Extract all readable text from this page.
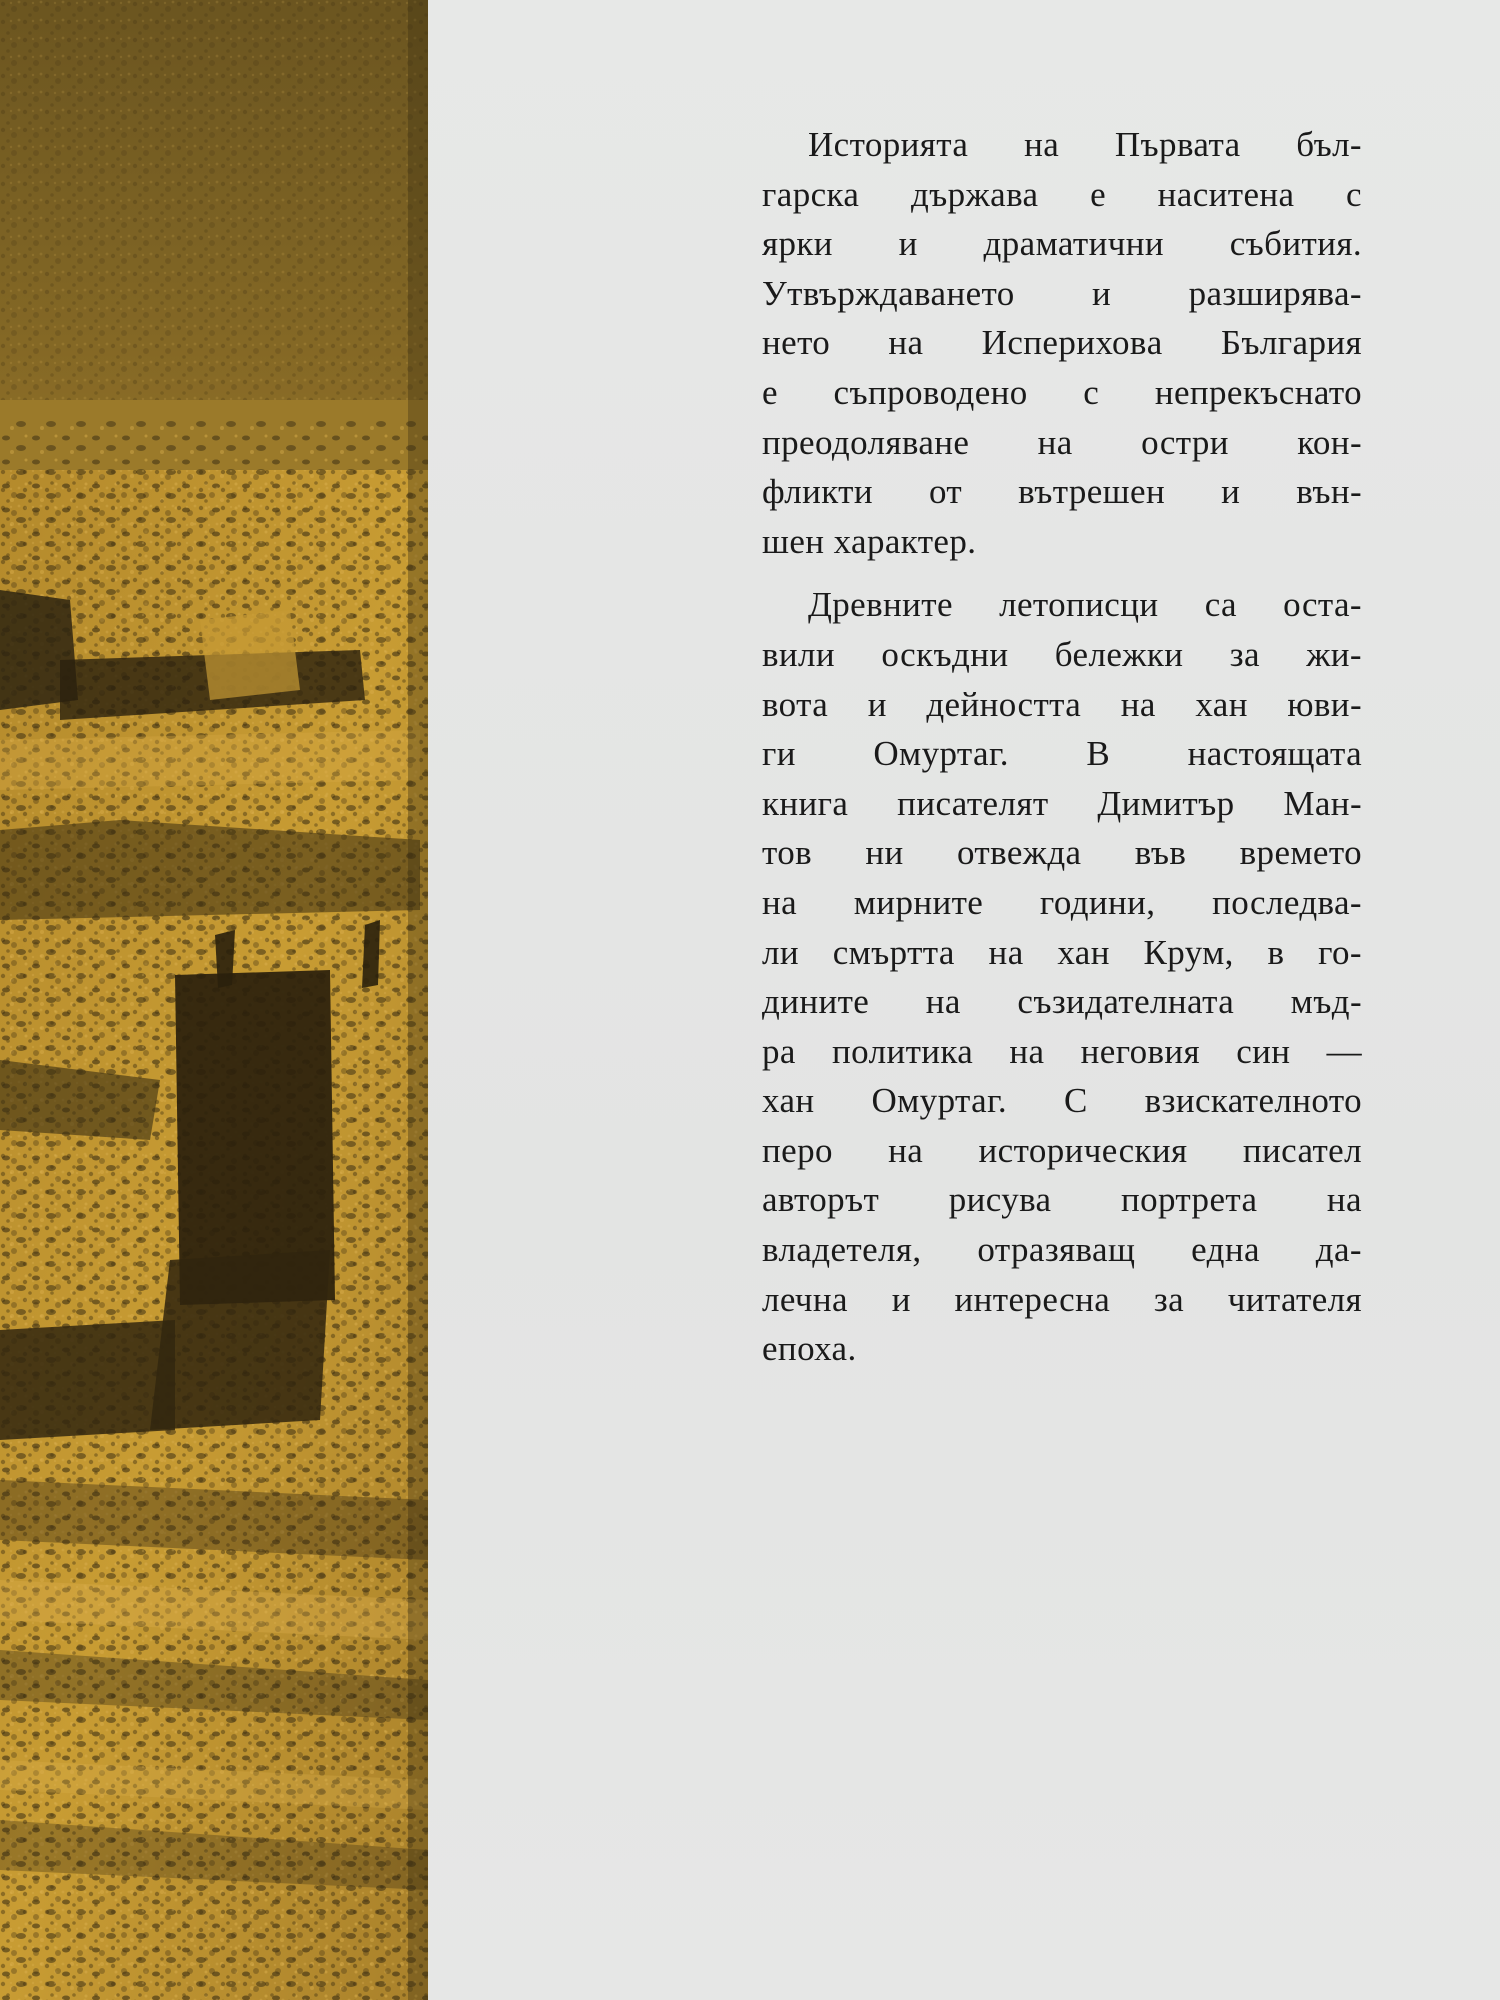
Историята на Първата бъл-
гарска държава е наситена с
ярки и драматични събития.
Утвърждаването и разширява-
нето на Испериховa България
е съпроводено с непрекъснато
преодоляване на остри кон-
фликти от вътрешен и вън-
шен характер.
Древните летописци са оста-
вили оскъдни бележки за жи-
вота и дейността на хан юви-
ги Омуртаг. В настоящата
книга писателят Димитър Ман-
тов ни отвежда във времето
на мирните години, последва-
ли смъртта на хан Крум, в го-
дините на съзидателната мъд-
ра политика на неговия син —
хан Омуртаг. С взискателното
перо на историческия писател
авторът рисува портрета на
владетеля, отразяващ една да-
лечна и интересна за читателя
епоха.
